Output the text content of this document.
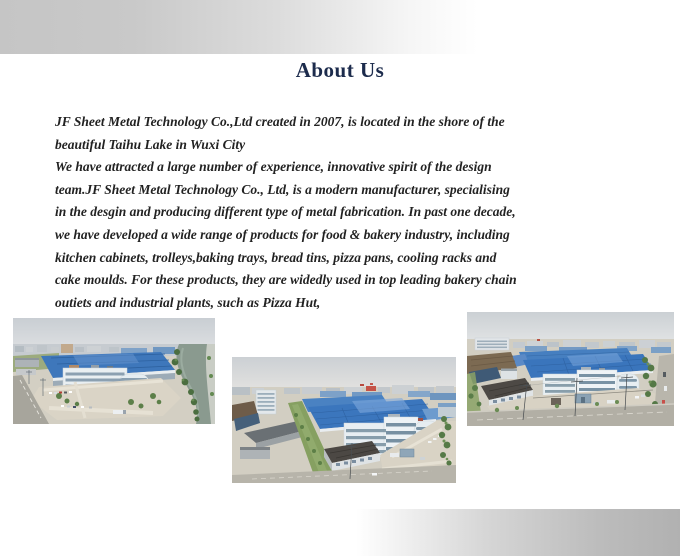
About Us

JF Sheet Metal Technology Co.,Ltd created in 2007, is located in the shore of the beautiful Taihu Lake in Wuxi City

We have attracted a large number of experience, innovative spirit of the design team.JF Sheet Metal Technology Co., Ltd, is a modern manufacturer, specialising in the desgin and producing different type of metal fabrication. In past one decade, we have developed a wide range of products for food & bakery industry, including kitchen cabinets, trolleys,baking trays, bread tins, pizza pans, cooling racks and cake moulds. For these products, they are widedly used in top leading bakery chain outiets and industrial plants, such as Pizza Hut,
